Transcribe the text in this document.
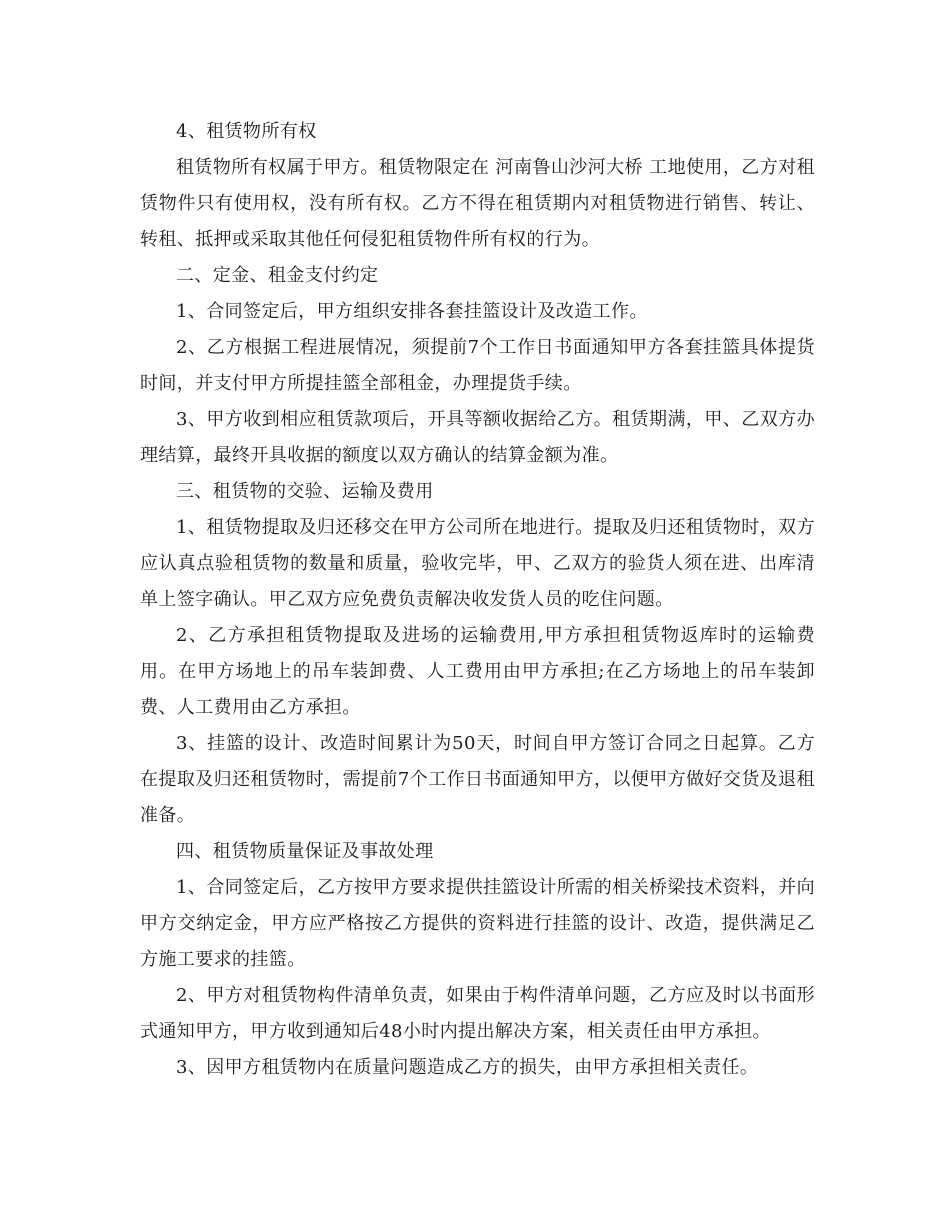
4、租赁物所有权

租赁物所有权属于甲方。租赁物限定在 河南鲁山沙河大桥 工地使用，乙方对租赁物件只有使用权，没有所有权。乙方不得在租赁期内对租赁物进行销售、转让、转租、抵押或采取其他任何侵犯租赁物件所有权的行为。

二、定金、租金支付约定

1、合同签定后，甲方组织安排各套挂篮设计及改造工作。

2、乙方根据工程进展情况，须提前7个工作日书面通知甲方各套挂篮具体提货时间，并支付甲方所提挂篮全部租金，办理提货手续。

3、甲方收到相应租赁款项后，开具等额收据给乙方。租赁期满，甲、乙双方办理结算，最终开具收据的额度以双方确认的结算金额为准。

三、租赁物的交验、运输及费用

1、租赁物提取及归还移交在甲方公司所在地进行。提取及归还租赁物时，双方应认真点验租赁物的数量和质量，验收完毕，甲、乙双方的验货人须在进、出库清单上签字确认。甲乙双方应免费负责解决收发货人员的吃住问题。

2、乙方承担租赁物提取及进场的运输费用,甲方承担租赁物返库时的运输费用。在甲方场地上的吊车装卸费、人工费用由甲方承担;在乙方场地上的吊车装卸费、人工费用由乙方承担。

3、挂篮的设计、改造时间累计为50天，时间自甲方签订合同之日起算。乙方在提取及归还租赁物时，需提前7个工作日书面通知甲方，以便甲方做好交货及退租准备。

四、租赁物质量保证及事故处理

1、合同签定后，乙方按甲方要求提供挂篮设计所需的相关桥梁技术资料，并向甲方交纳定金，甲方应严格按乙方提供的资料进行挂篮的设计、改造，提供满足乙方施工要求的挂篮。

2、甲方对租赁物构件清单负责，如果由于构件清单问题，乙方应及时以书面形式通知甲方，甲方收到通知后48小时内提出解决方案，相关责任由甲方承担。

3、因甲方租赁物内在质量问题造成乙方的损失，由甲方承担相关责任。
